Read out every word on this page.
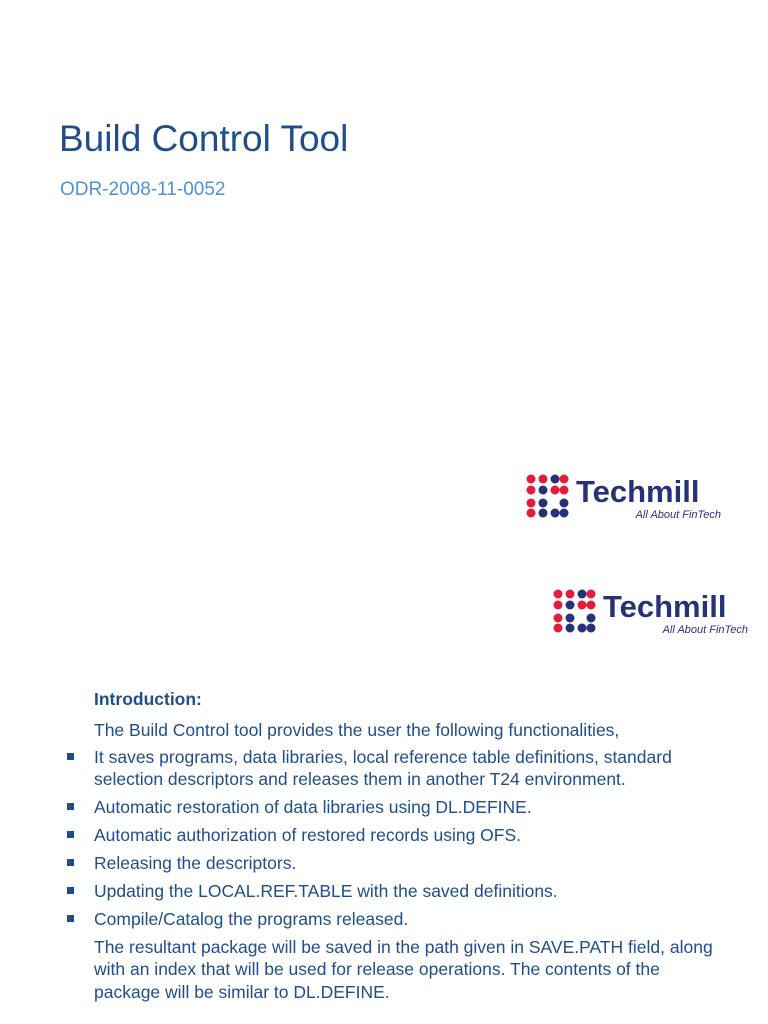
Build Control Tool
ODR-2008-11-0052
Techmill
All About FinTech
Techmill
All About FinTech

Introduction:

The Build Control tool provides the user the following functionalities,

It saves programs, data libraries, local reference table definitions, standard selection descriptors and releases them in another T24 environment.
Automatic restoration of data libraries using DL.DEFINE.
Automatic authorization of restored records using OFS.
Releasing the descriptors.
Updating the LOCAL.REF.TABLE with the saved definitions.
Compile/Catalog the programs released.

The resultant package will be saved in the path given in SAVE.PATH field, along with an index that will be used for release operations. The contents of the package will be similar to DL.DEFINE.
